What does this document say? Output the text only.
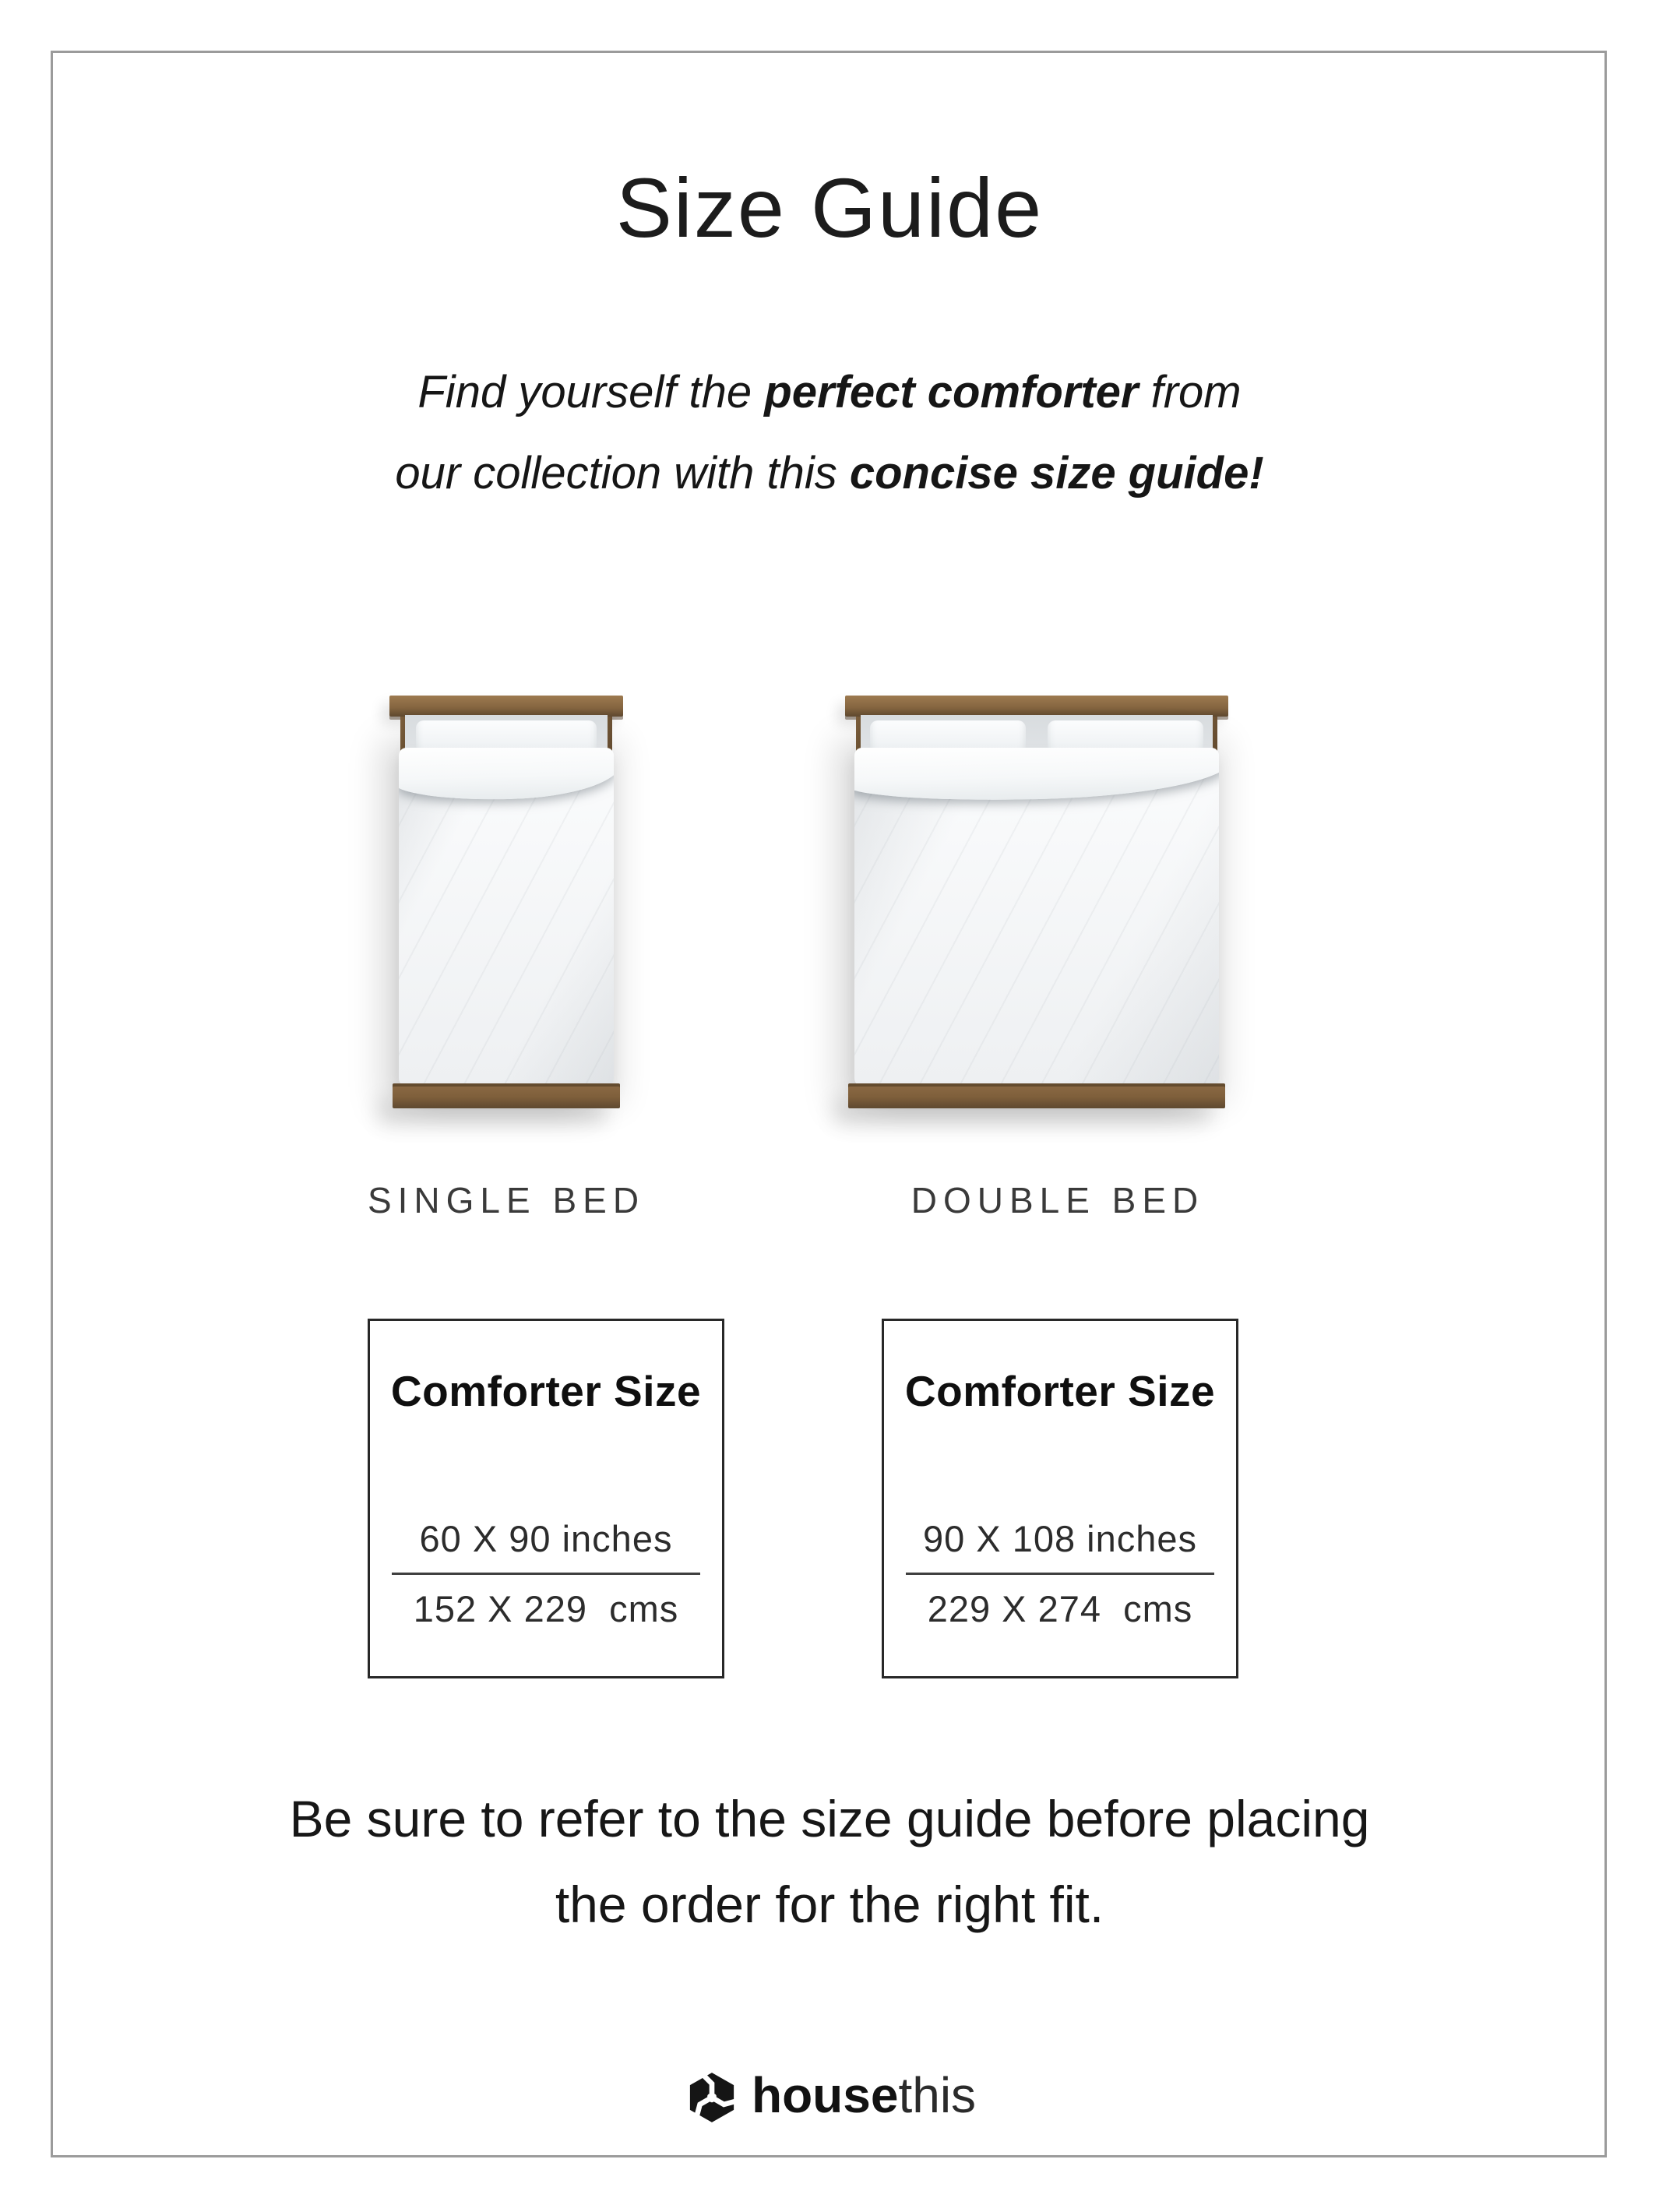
Size Guide
Find yourself the perfect comforter from
our collection with this concise size guide!
SINGLE BED	DOUBLE BED
Comforter Size
60 X 90 inches
152 X 229  cms
Comforter Size
90 X 108 inches
229 X 274  cms
Be sure to refer to the size guide before placing
the order for the right fit.
housethis
